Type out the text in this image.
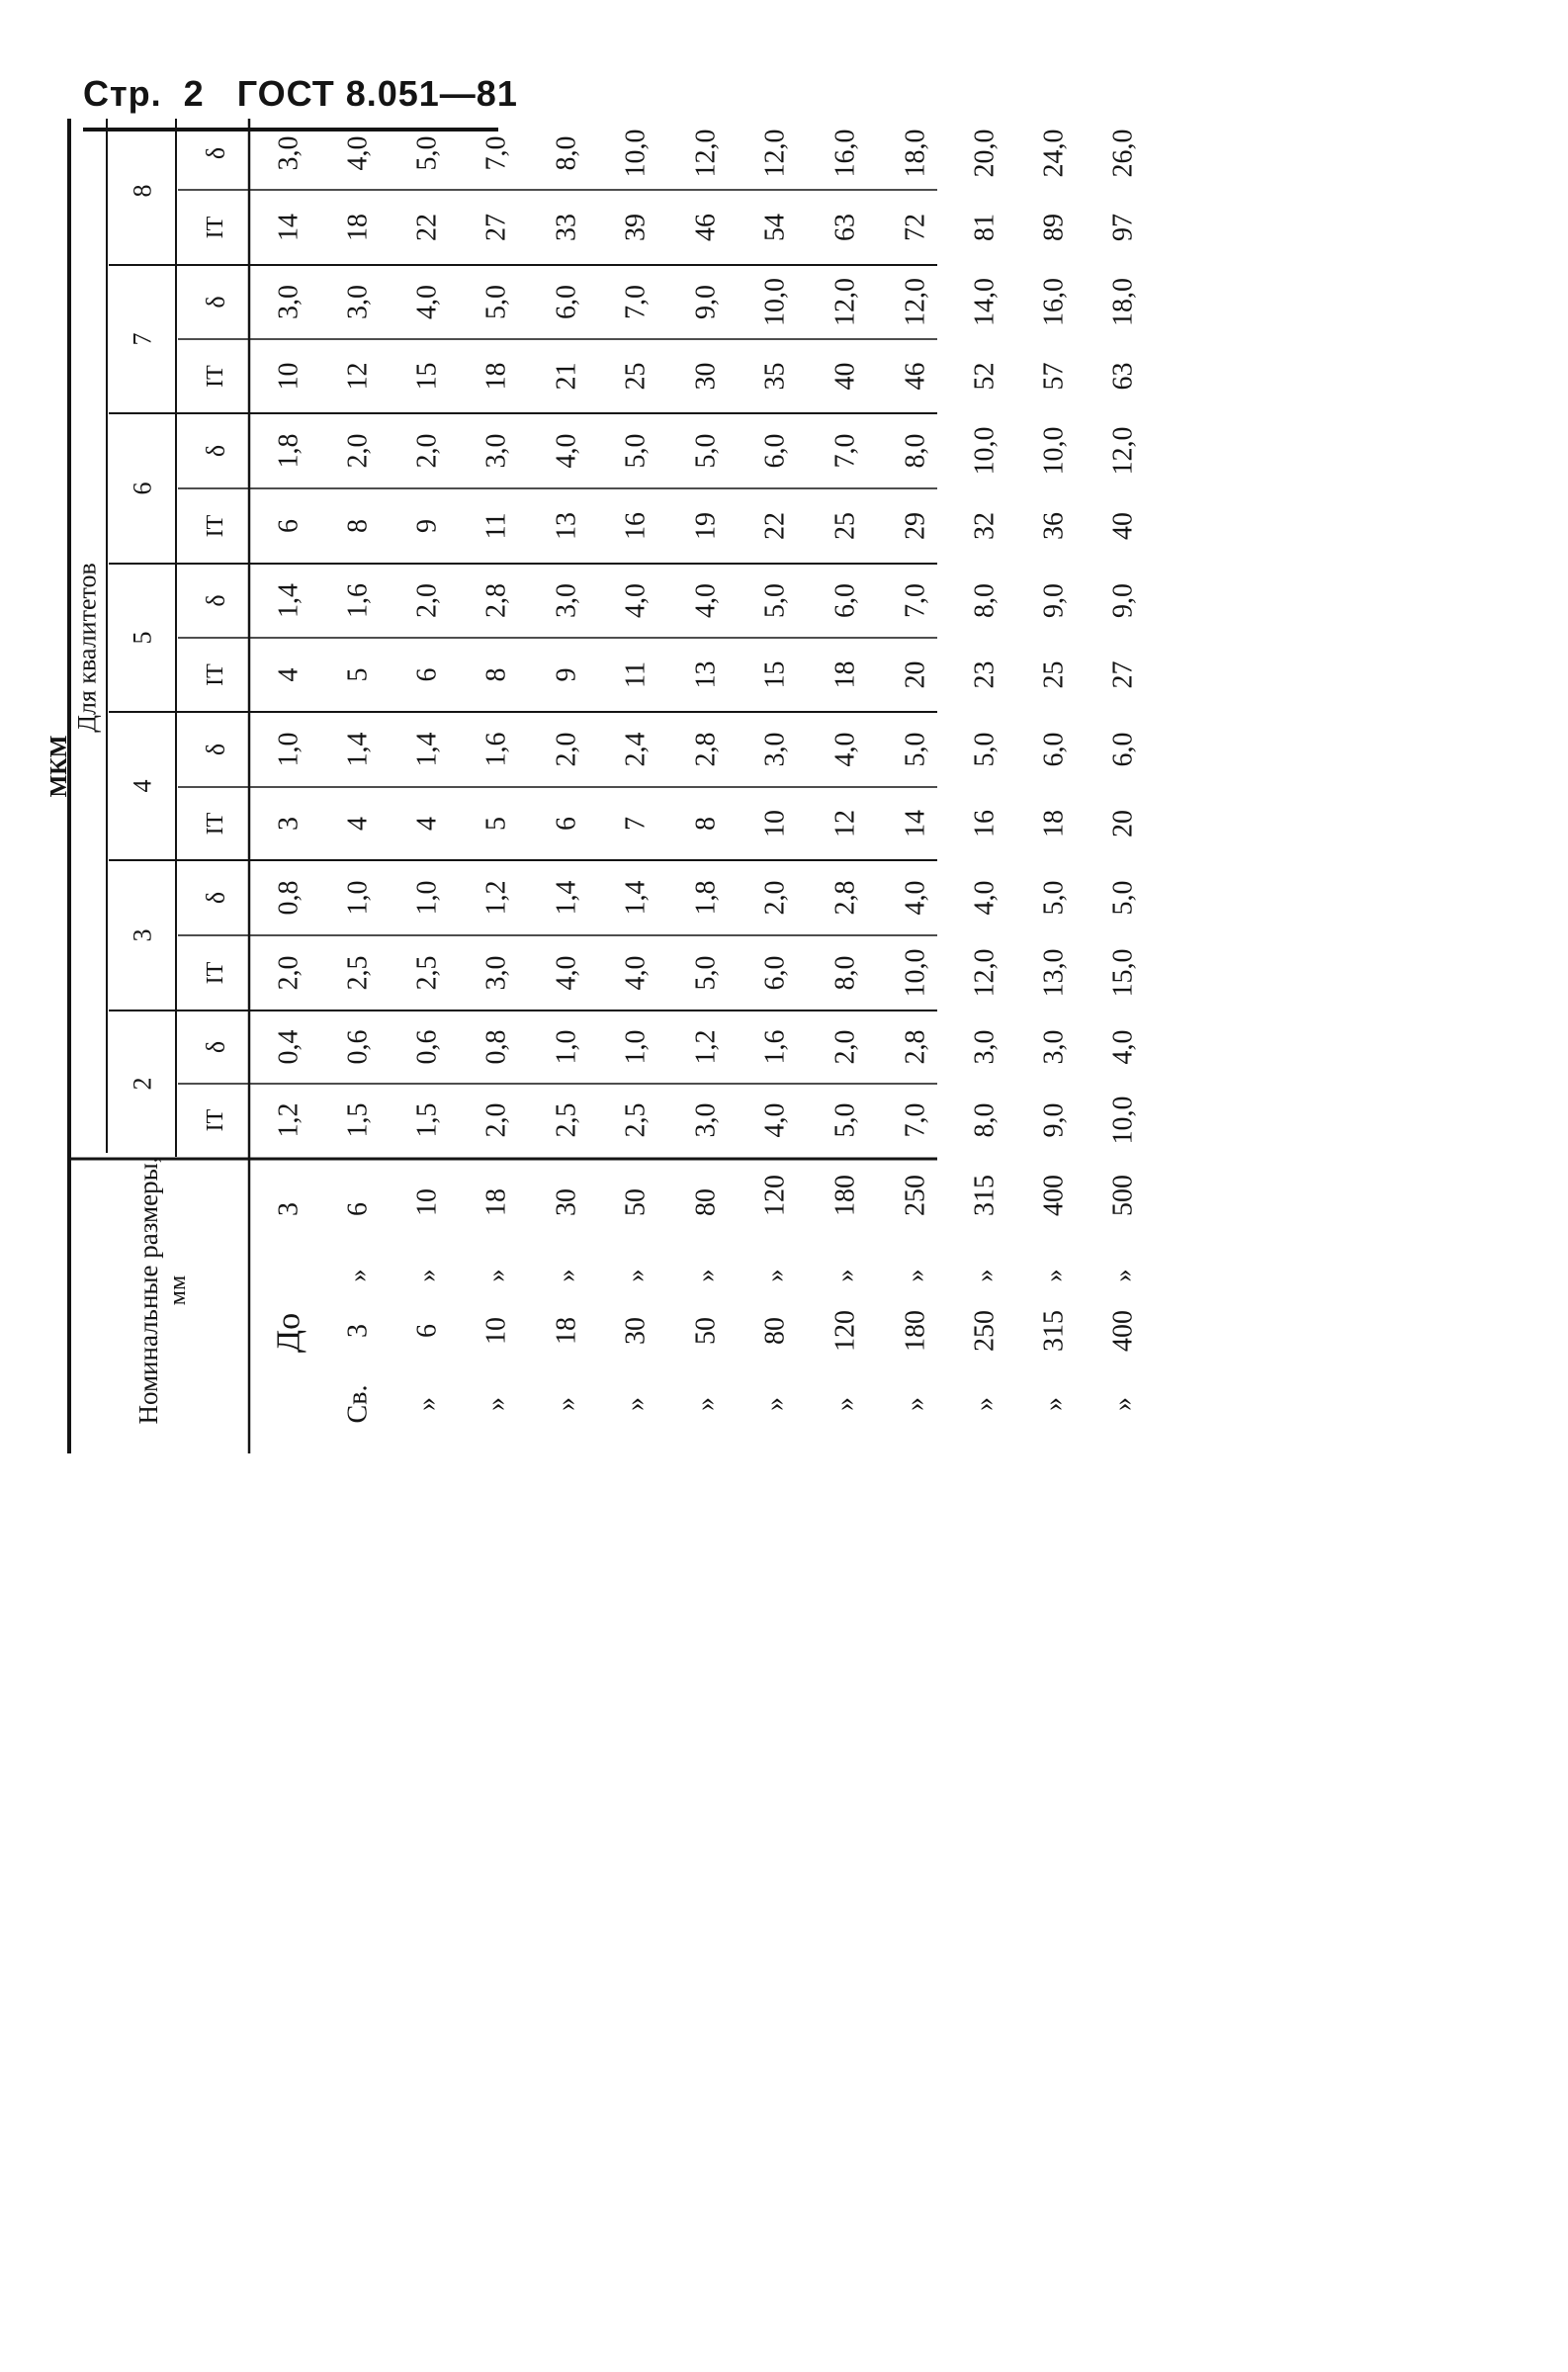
Стр. 2 ГОСТ 8.051—81
МКМ
Для квалитетов
Номинальные размеры, мм
2
IT
δ
3
IT
δ
4
IT
δ
5
IT
δ
6
IT
δ
7
IT
δ
8
IT
δ
1,2
0,4
2,0
0,8
3
1,0
4
1,4
6
1,8
10
3,0
14
3,0
До
3
1,5
0,6
2,5
1,0
4
1,4
5
1,6
8
2,0
12
3,0
18
4,0
Св.
3
»
6
1,5
0,6
2,5
1,0
4
1,4
6
2,0
9
2,0
15
4,0
22
5,0
»
6
»
10
2,0
0,8
3,0
1,2
5
1,6
8
2,8
11
3,0
18
5,0
27
7,0
»
10
»
18
2,5
1,0
4,0
1,4
6
2,0
9
3,0
13
4,0
21
6,0
33
8,0
»
18
»
30
2,5
1,0
4,0
1,4
7
2,4
11
4,0
16
5,0
25
7,0
39
10,0
»
30
»
50
3,0
1,2
5,0
1,8
8
2,8
13
4,0
19
5,0
30
9,0
46
12,0
»
50
»
80
4,0
1,6
6,0
2,0
10
3,0
15
5,0
22
6,0
35
10,0
54
12,0
»
80
»
120
5,0
2,0
8,0
2,8
12
4,0
18
6,0
25
7,0
40
12,0
63
16,0
»
120
»
180
7,0
2,8
10,0
4,0
14
5,0
20
7,0
29
8,0
46
12,0
72
18,0
»
180
»
250
8,0
3,0
12,0
4,0
16
5,0
23
8,0
32
10,0
52
14,0
81
20,0
»
250
»
315
9,0
3,0
13,0
5,0
18
6,0
25
9,0
36
10,0
57
16,0
89
24,0
»
315
»
400
10,0
4,0
15,0
5,0
20
6,0
27
9,0
40
12,0
63
18,0
97
26,0
»
400
»
500
